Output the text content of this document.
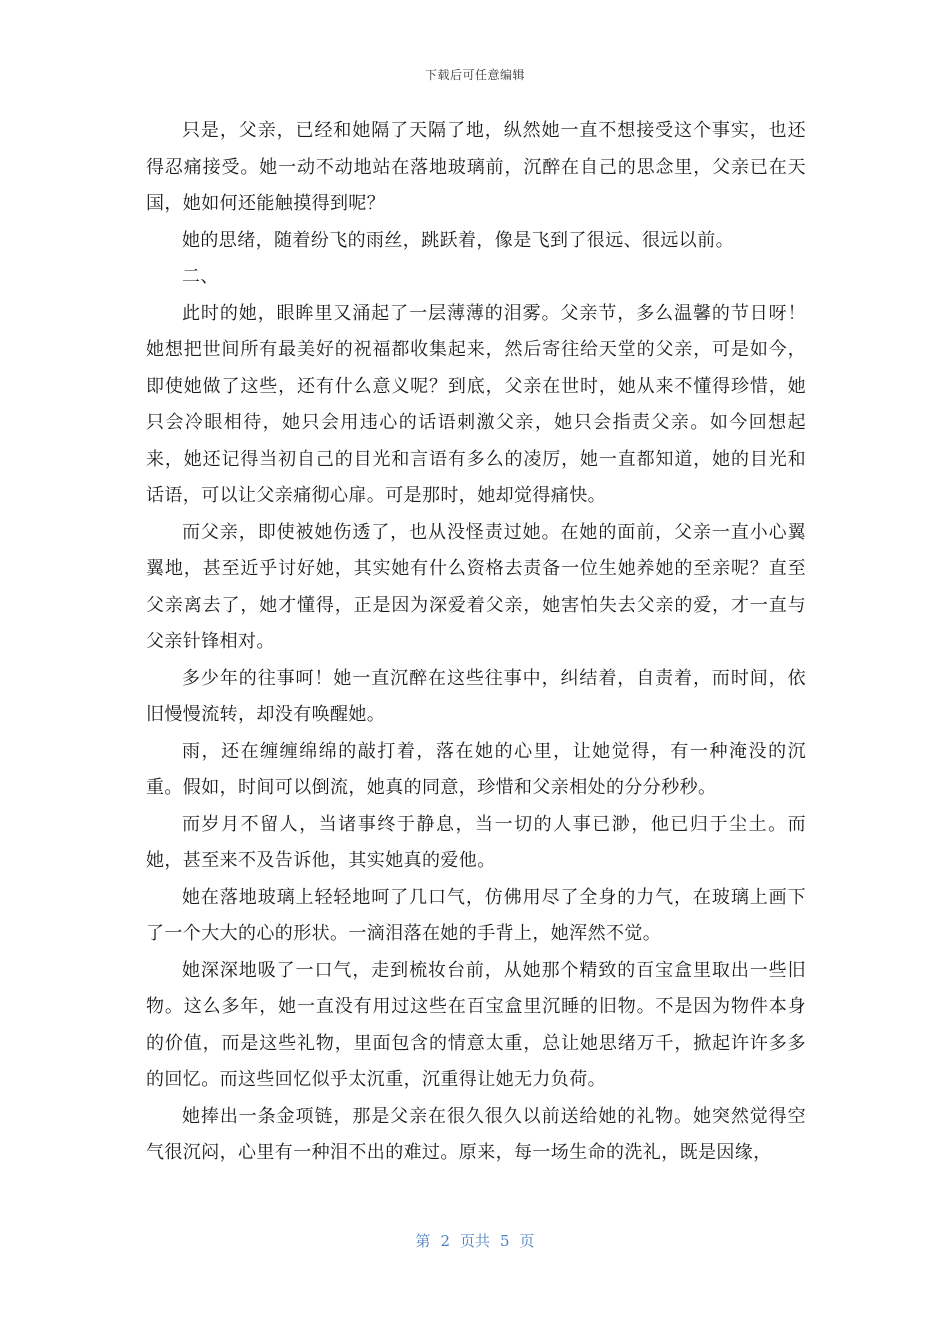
下载后可任意编辑

只是，父亲，已经和她隔了天隔了地，纵然她一直不想接受这个事实，也还得忍痛接受。她一动不动地站在落地玻璃前，沉醉在自己的思念里，父亲已在天国，她如何还能触摸得到呢？

她的思绪，随着纷飞的雨丝，跳跃着，像是飞到了很远、很远以前。

二、

此时的她，眼眸里又涌起了一层薄薄的泪雾。父亲节，多么温馨的节日呀！她想把世间所有最美好的祝福都收集起来，然后寄往给天堂的父亲，可是如今，即使她做了这些，还有什么意义呢？到底，父亲在世时，她从来不懂得珍惜，她只会冷眼相待，她只会用违心的话语刺激父亲，她只会指责父亲。如今回想起来，她还记得当初自己的目光和言语有多么的凌厉，她一直都知道，她的目光和话语，可以让父亲痛彻心扉。可是那时，她却觉得痛快。

而父亲，即使被她伤透了，也从没怪责过她。在她的面前，父亲一直小心翼翼地，甚至近乎讨好她，其实她有什么资格去责备一位生她养她的至亲呢？直至父亲离去了，她才懂得，正是因为深爱着父亲，她害怕失去父亲的爱，才一直与父亲针锋相对。

多少年的往事呵！她一直沉醉在这些往事中，纠结着，自责着，而时间，依旧慢慢流转，却没有唤醒她。

雨，还在缠缠绵绵的敲打着，落在她的心里，让她觉得，有一种淹没的沉重。假如，时间可以倒流，她真的同意，珍惜和父亲相处的分分秒秒。

而岁月不留人，当诸事终于静息，当一切的人事已渺，他已归于尘土。而她，甚至来不及告诉他，其实她真的爱他。

她在落地玻璃上轻轻地呵了几口气，仿佛用尽了全身的力气，在玻璃上画下了一个大大的心的形状。一滴泪落在她的手背上，她浑然不觉。

她深深地吸了一口气，走到梳妆台前，从她那个精致的百宝盒里取出一些旧物。这么多年，她一直没有用过这些在百宝盒里沉睡的旧物。不是因为物件本身的价值，而是这些礼物，里面包含的情意太重，总让她思绪万千，掀起许许多多的回忆。而这些回忆似乎太沉重，沉重得让她无力负荷。

她捧出一条金项链，那是父亲在很久很久以前送给她的礼物。她突然觉得空气很沉闷，心里有一种泪不出的难过。原来，每一场生命的洗礼，既是因缘，

第 2 页共 5 页
